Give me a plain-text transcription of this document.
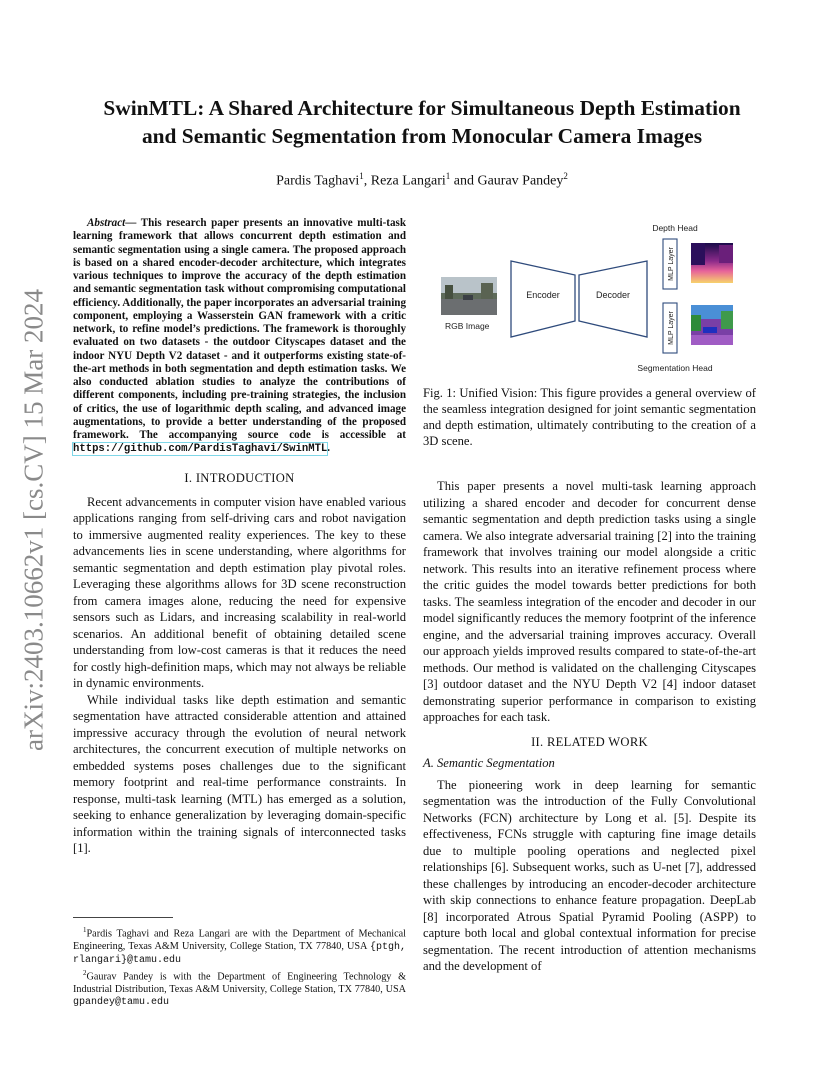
arXiv:2403.10662v1 [cs.CV] 15 Mar 2024
SwinMTL: A Shared Architecture for Simultaneous Depth Estimation
and Semantic Segmentation from Monocular Camera Images
Pardis Taghavi$^1$, Reza Langari$^1$ and Gaurav Pandey$^2$

Abstract— This research paper presents an innovative multi-task learning framework that allows concurrent depth estimation and semantic segmentation using a single camera. The proposed approach is based on a shared encoder-decoder architecture, which integrates various techniques to improve the accuracy of the depth estimation and semantic segmentation task without compromising computational efficiency. Additionally, the paper incorporates an adversarial training component, employing a Wasserstein GAN framework with a critic network, to refine model’s predictions. The framework is thoroughly evaluated on two datasets - the outdoor Cityscapes dataset and the indoor NYU Depth V2 dataset - and it outperforms existing state-of-the-art methods in both segmentation and depth estimation tasks. We also conducted ablation studies to analyze the contributions of different components, including pre-training strategies, the inclusion of critics, the use of logarithmic depth scaling, and advanced image augmentations, to provide a better understanding of the proposed framework. The accompanying source code is accessible at https://github.com/PardisTaghavi/SwinMTL.

I. INTRODUCTION

Recent advancements in computer vision have enabled various applications ranging from self-driving cars and robot navigation to immersive augmented reality experiences. The key to these advancements lies in scene understanding, where algorithms for semantic segmentation and depth estimation play pivotal roles. Leveraging these algorithms allows for 3D scene reconstruction from camera images alone, reducing the need for expensive sensors such as Lidars, and increasing scalability in real-world scenarios. An additional benefit of obtaining detailed scene understanding from low-cost cameras is that it reduces the need for costly high-definition maps, which may not always be reliable in dynamic environments.

While individual tasks like depth estimation and semantic segmentation have attracted considerable attention and attained impressive accuracy through the evolution of neural network architectures, the concurrent execution of multiple networks on embedded systems poses challenges due to the significant memory footprint and real-time performance constraints. In response, multi-task learning (MTL) has emerged as a solution, seeking to enhance generalization by leveraging domain-specific information within the training signals of interconnected tasks [1].

$^1$Pardis Taghavi and Reza Langari are with the Department of Mechanical Engineering, Texas A&M University, College Station, TX 77840, USA {ptgh, rlangari}@tamu.edu

$^2$Gaurav Pandey is with the Department of Engineering Technology & Industrial Distribution, Texas A&M University, College Station, TX 77840, USA gpandey@tamu.edu

RGB Image
Encoder	Decoder
Depth Head
MLP Layer
MLP Layer
Segmentation Head

Fig. 1: Unified Vision: This figure provides a general overview of the seamless integration designed for joint semantic segmentation and depth estimation, ultimately contributing to the creation of a 3D scene.

This paper presents a novel multi-task learning approach utilizing a shared encoder and decoder for concurrent dense semantic segmentation and depth prediction tasks using a single camera. We also integrate adversarial training [2] into the training framework that involves training our model alongside a critic network. This results into an iterative refinement process where the critic guides the model towards better predictions for both tasks. The seamless integration of the encoder and decoder in our model significantly reduces the memory footprint of the inference engine, and the adversarial training improves accuracy. Overall our approach yields improved results compared to state-of-the-art methods. Our method is validated on the challenging Cityscapes [3] outdoor dataset and the NYU Depth V2 [4] indoor dataset demonstrating superior performance in comparison to existing approaches for each task.

II. RELATED WORK
A. Semantic Segmentation

The pioneering work in deep learning for semantic segmentation was the introduction of the Fully Convolutional Networks (FCN) architecture by Long et al. [5]. Despite its effectiveness, FCNs struggle with capturing fine image details due to multiple pooling operations and neglected pixel relationships [6]. Subsequent works, such as U-net [7], addressed these challenges by introducing an encoder-decoder architecture with skip connections to enhance feature propagation. DeepLab [8] incorporated Atrous Spatial Pyramid Pooling (ASPP) to capture both local and global contextual information for precise segmentation. The recent introduction of attention mechanisms and the development of
